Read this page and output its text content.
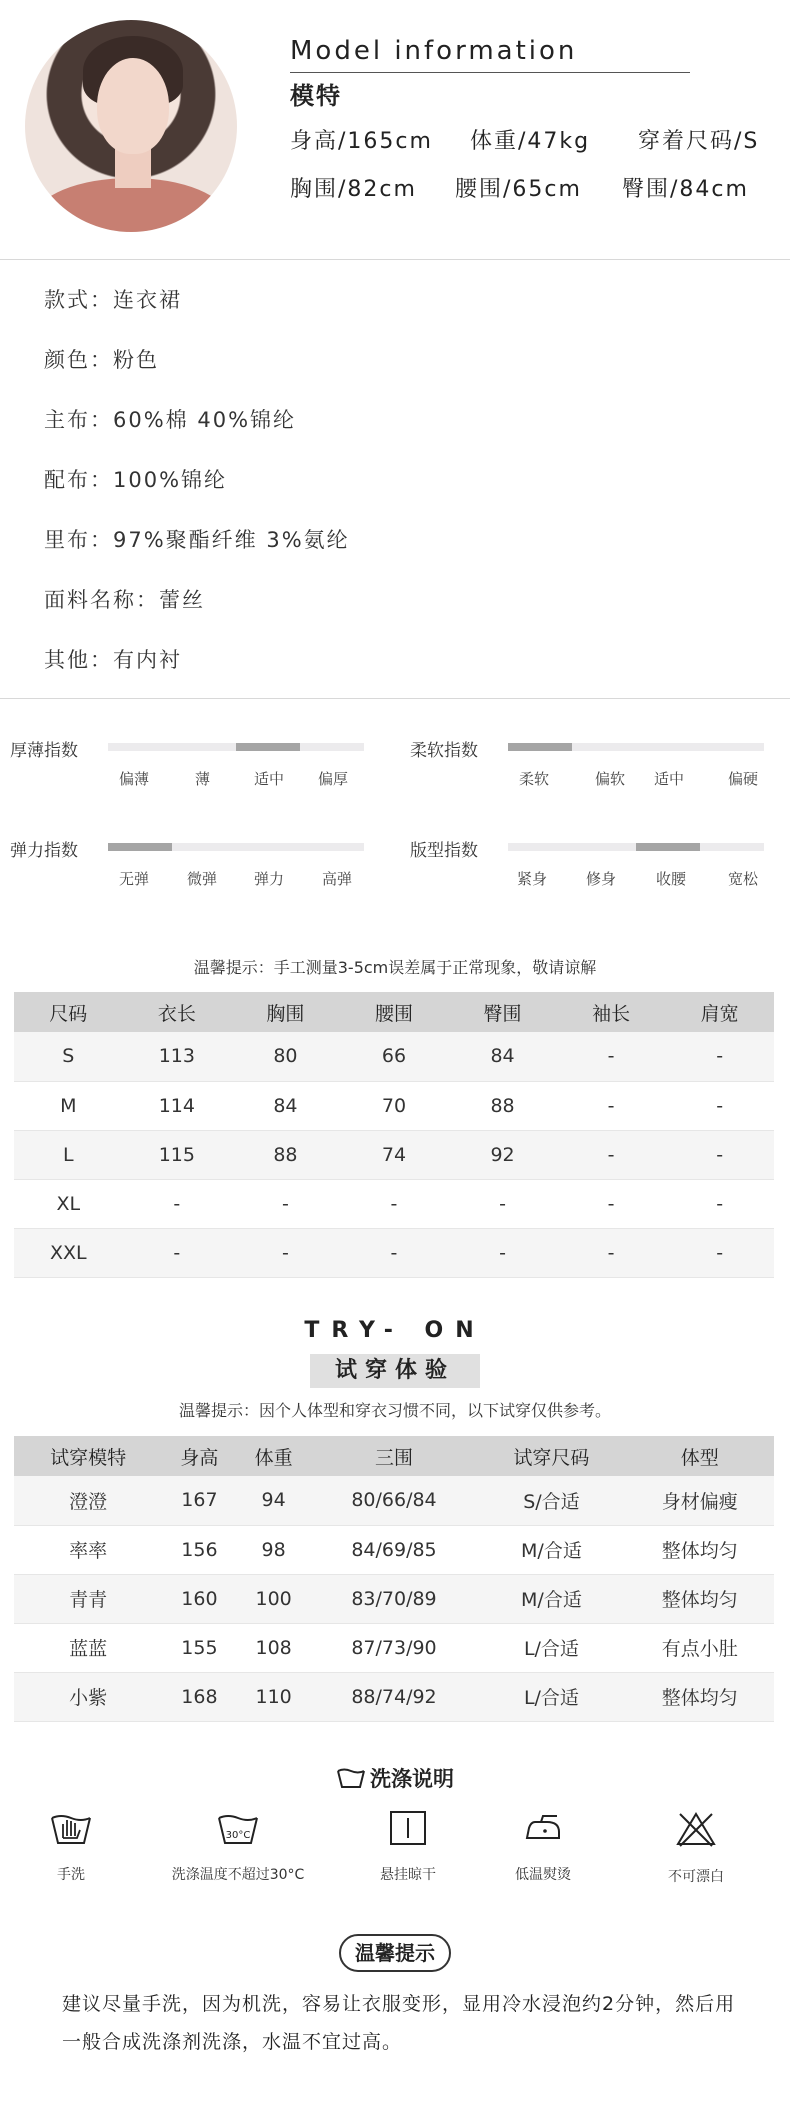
Model information
模特
身高/165cm 体重/47kg 穿着尺码/S
胸围/82cm 腰围/65cm 臀围/84cm
款式：连衣裙
颜色：粉色
主布：60%棉 40%锦纶
配布：100%锦纶
里布：97%聚酯纤维 3%氨纶
面料名称：蕾丝
其他：有内衬
厚薄指数
偏薄	薄	适中 偏厚
柔软指数
柔软	偏软 适中	偏硬
弹力指数
无弹	微弹 弹力	高弹
版型指数
紧身	修身	收腰	宽松
温馨提示：手工测量3-5cm误差属于正常现象，敬请谅解
尺码	衣长	胸围	腰围	臀围	袖长	肩宽
S	113	80	66	84	-	-
M	114	84	70	88	-	-
L	115	88	74	92	-	-
XL	-	-	-	-	-	-
XXL	-	-	-	-	-	-
TRY- ON
试穿体验
温馨提示：因个人体型和穿衣习惯不同，以下试穿仅供参考。
试穿模特	身高	体重	三围	试穿尺码	体型
澄澄	167	94	80/66/84	S/合适	身材偏瘦
率率	156	98	84/69/85	M/合适	整体均匀
青青	160	100	83/70/89	M/合适	整体均匀
蓝蓝	155	108	87/73/90	L/合适	有点小肚
小紫	168	110	88/74/92	L/合适	整体均匀
洗涤说明
手洗
30°C
洗涤温度不超过30°C	悬挂晾干	低温熨烫	不可漂白
温馨提示
建议尽量手洗，因为机洗，容易让衣服变形，显用冷水浸泡约2分钟，然后用一般合成洗涤剂洗涤，水温不宜过高。
